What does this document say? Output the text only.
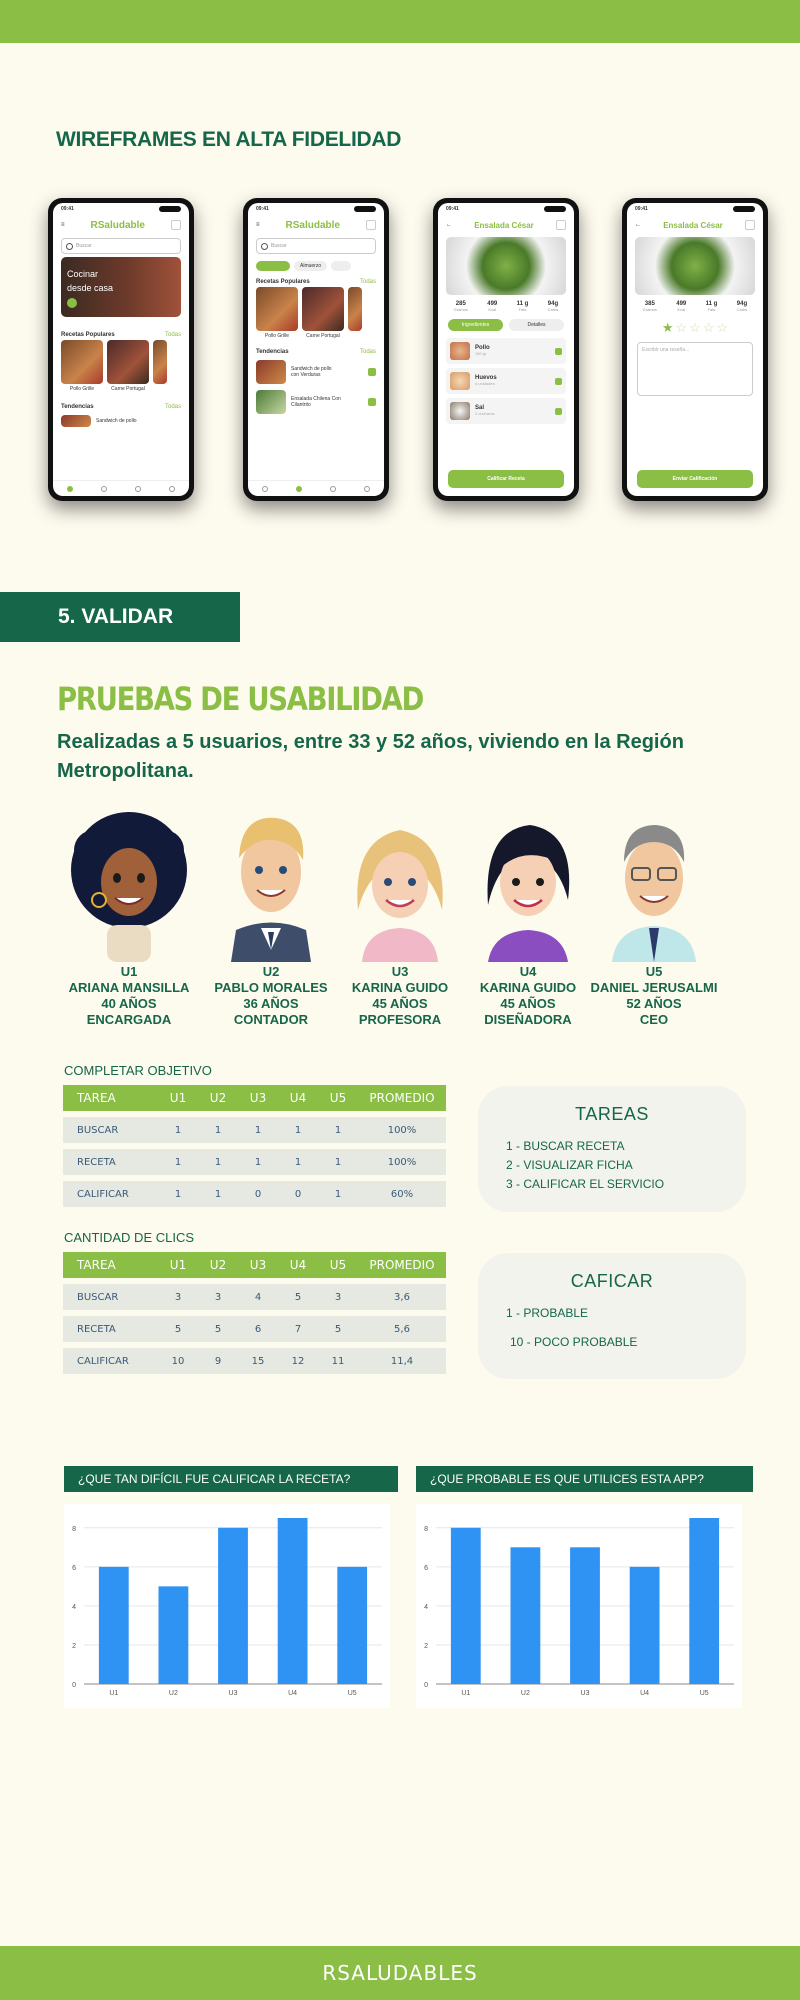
WIREFRAMES EN ALTA FIDELIDAD
09:41
≡	RSaludable
Buscar
Cocinar
desde casa
Recetas Populares	Todas
Pollo Grille	Carne Portugal
Tendencias	Todas
Sandwich de pollo
09:41
≡	RSaludable
Buscar
Almuerzo
Recetas Populares	Todas
Pollo Grille	Carne Portugal
Tendencias	Todas
Sandwich de pollo con Verduras
Ensalada Chilena Con Cilantrito
09:41
←	Ensalada César
285
Gramos
499
Kcal
11 g
Fats
94g
Carbs
Ingredientes	Detalles
Pollo
150 gr
Huevos
4 unidades
Sal
2 cucharas
Calificar Receta
09:41
←	Ensalada César
385
Gramos
499
Kcal
11 g
Fats
94g
Carbs
★ ☆ ☆ ☆ ☆
Escribir una reseña...
Enviar Calificación
5. VALIDAR
PRUEBAS DE USABILIDAD
Realizadas a 5 usuarios, entre 33 y 52 años, viviendo en la Región Metropolitana.
U1
ARIANA MANSILLA
40 AÑOS
ENCARGADA
U2
PABLO MORALES
36 AÑOS
CONTADOR
U3
KARINA GUIDO
45 AÑOS
PROFESORA
U4
KARINA GUIDO
45 AÑOS
DISEÑADORA
U5
DANIEL JERUSALMI
52 AÑOS
CEO
COMPLETAR OBJETIVO
TAREA	U1	U2	U3	U4	U5	PROMEDIO
BUSCAR	1	1	1	1	1	100%
RECETA	1	1	1	1	1	100%
CALIFICAR	1	1	0	0	1	60%
TAREAS

1 - BUSCAR RECETA

2 - VISUALIZAR FICHA

3 - CALIFICAR EL SERVICIO

CANTIDAD DE CLICS
TAREA	U1	U2	U3	U4	U5	PROMEDIO
BUSCAR	3	3	4	5	3	3,6
RECETA	5	5	6	7	5	5,6
CALIFICAR	10	9	15	12	11	11,4
CAFICAR

1 - PROBABLE

10 - POCO PROBABLE

¿QUE TAN DIFÍCIL FUE CALIFICAR LA RECETA?
0
2
4
6
8
U1	U2	U3	U4	U5
¿QUE PROBABLE ES QUE UTILICES ESTA APP?
0
2
4
6
8
U1	U2	U3	U4	U5
RSALUDABLES
